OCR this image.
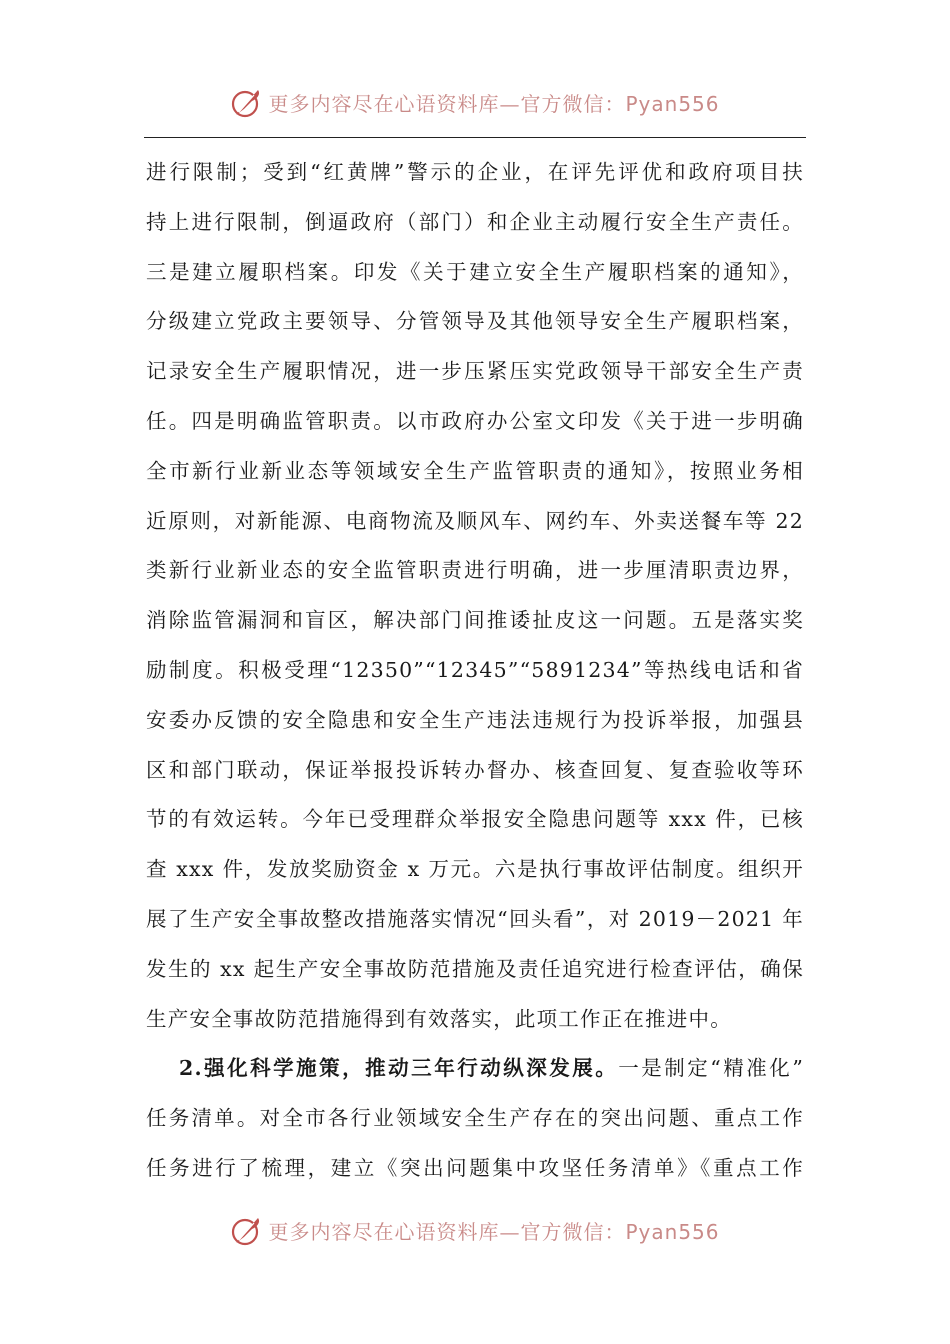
更多内容尽在心语资料库—官方微信：Pyan556
进行限制；受到“红黄牌”警示的企业，在评先评优和政府项目扶
持上进行限制，倒逼政府（部门）和企业主动履行安全生产责任。
三是建立履职档案。印发《关于建立安全生产履职档案的通知》，
分级建立党政主要领导、分管领导及其他领导安全生产履职档案，
记录安全生产履职情况，进一步压紧压实党政领导干部安全生产责
任。四是明确监管职责。以市政府办公室文印发《关于进一步明确
全市新行业新业态等领域安全生产监管职责的通知》，按照业务相
近原则，对新能源、电商物流及顺风车、网约车、外卖送餐车等 22
类新行业新业态的安全监管职责进行明确，进一步厘清职责边界，
消除监管漏洞和盲区，解决部门间推诿扯皮这一问题。五是落实奖
励制度。积极受理“12350”“12345”“5891234”等热线电话和省
安委办反馈的安全隐患和安全生产违法违规行为投诉举报，加强县
区和部门联动，保证举报投诉转办督办、核查回复、复查验收等环
节的有效运转。今年已受理群众举报安全隐患问题等 xxx 件，已核
查 xxx 件，发放奖励资金 x 万元。六是执行事故评估制度。组织开
展了生产安全事故整改措施落实情况“回头看”，对 2019－2021 年
发生的 xx 起生产安全事故防范措施及责任追究进行检查评估，确保
生产安全事故防范措施得到有效落实，此项工作正在推进中。
2.强化科学施策，推动三年行动纵深发展。一是制定“精准化”
任务清单。对全市各行业领域安全生产存在的突出问题、重点工作
任务进行了梳理，建立《突出问题集中攻坚任务清单》《重点工作
更多内容尽在心语资料库—官方微信：Pyan556
